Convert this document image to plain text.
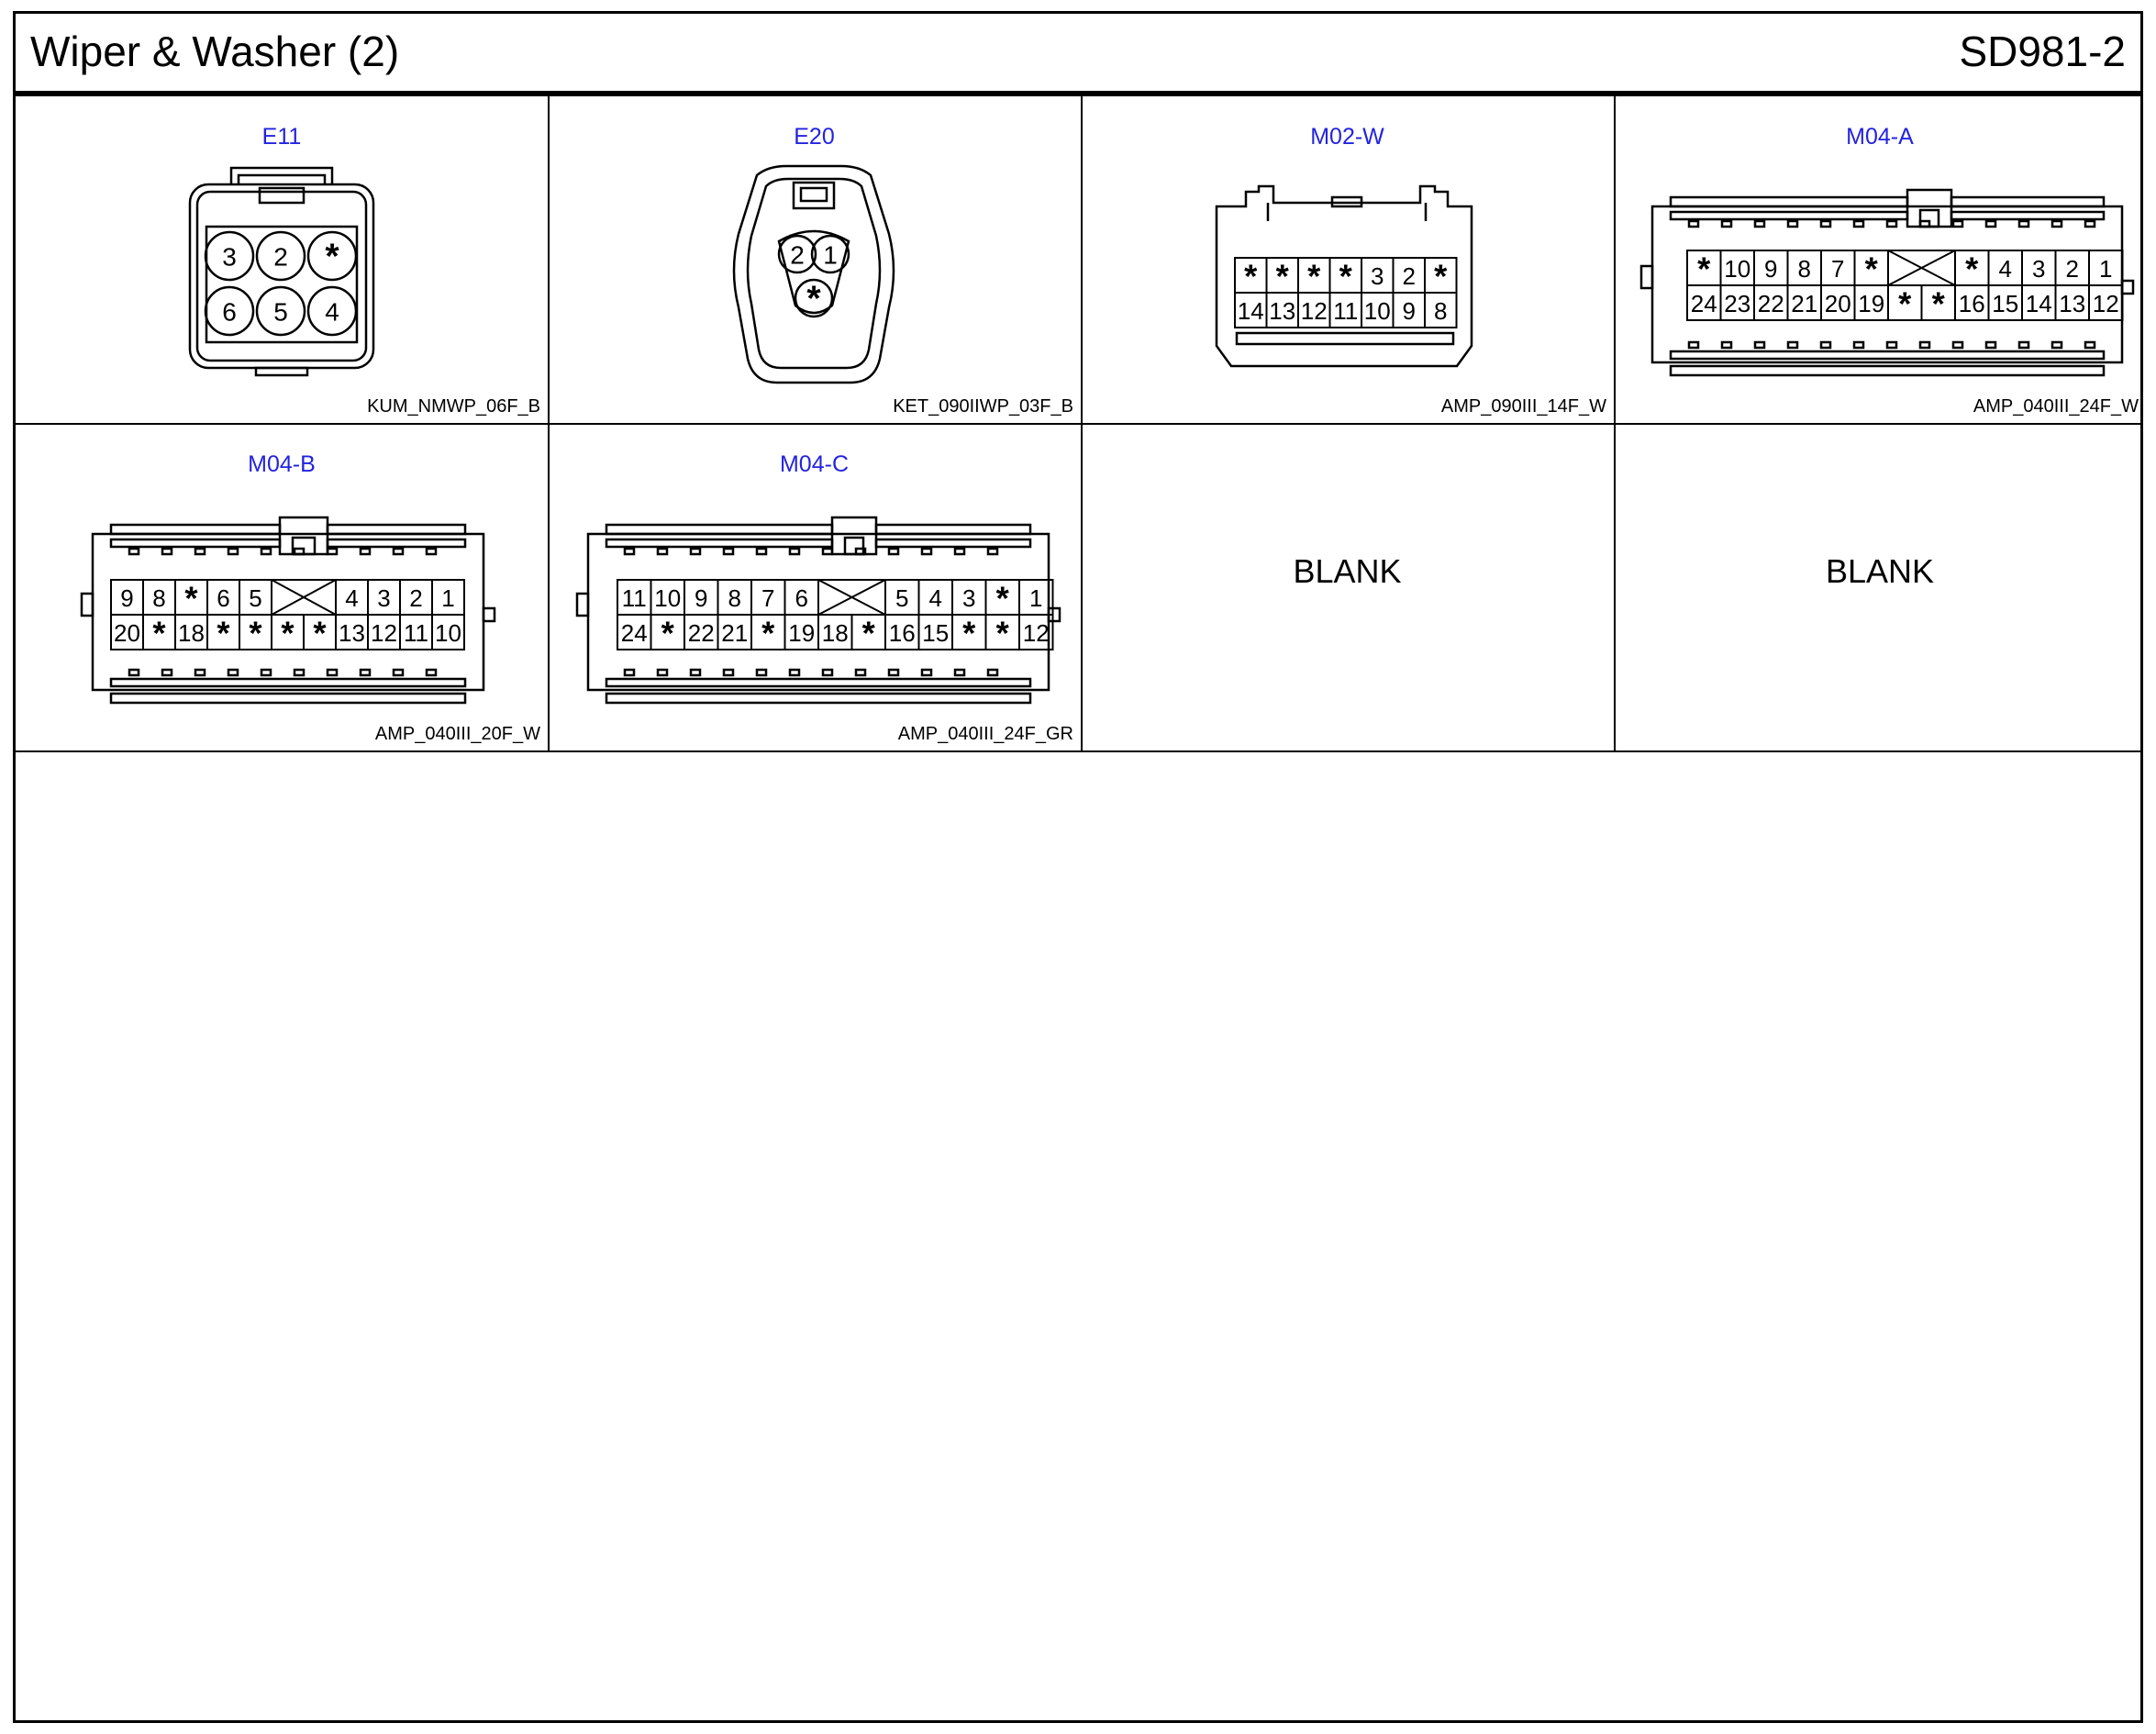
Wiper & Washer (2)	SD981-2
E11
3 2 *
6 5 4
KUM_NMWP_06F_B
E20
2 1
*
KET_090IIWP_03F_B
M02-W
* * * * 3 2 *
14 13 12 11 10 9 8
AMP_090III_14F_W
M04-A
* 10 9 8 7 *	* 4 3 2 1
24 23 22 21 20 19 * * 16 15 14 13 12
AMP_040III_24F_W
M04-B
9 8 * 6 5	4 3 2 1
20 * 18 * * * * 13 12 11 10
AMP_040III_20F_W
M04-C
11 10 9 8 7 6	5 4 3 * 1
24 * 22 21 * 19 18 * 16 15 * * 12
AMP_040III_24F_GR
BLANK	BLANK
